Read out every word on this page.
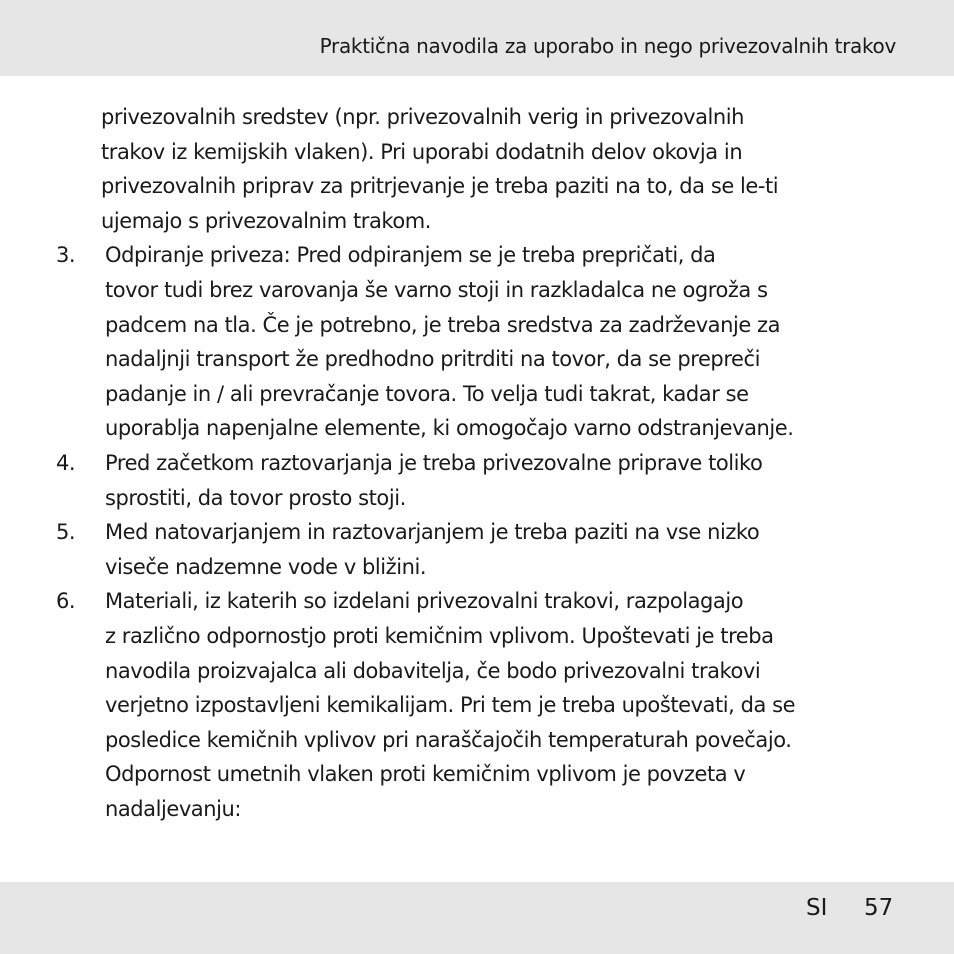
Praktična navodila za uporabo in nego privezovalnih trakov
privezovalnih sredstev (npr. privezovalnih verig in privezovalnih
trakov iz kemijskih vlaken). Pri uporabi dodatnih delov okovja in
privezovalnih priprav za pritrjevanje je treba paziti na to, da se le-ti
ujemajo s privezovalnim trakom.
3. Odpiranje priveza: Pred odpiranjem se je treba prepričati, da
tovor tudi brez varovanja še varno stoji in razkladalca ne ogroža s
padcem na tla. Če je potrebno, je treba sredstva za zadrževanje za
nadaljnji transport že predhodno pritrditi na tovor, da se prepreči
padanje in / ali prevračanje tovora. To velja tudi takrat, kadar se
uporablja napenjalne elemente, ki omogočajo varno odstranjevanje.
4. Pred začetkom raztovarjanja je treba privezovalne priprave toliko
sprostiti, da tovor prosto stoji.
5. Med natovarjanjem in raztovarjanjem je treba paziti na vse nizko
viseče nadzemne vode v bližini.
6. Materiali, iz katerih so izdelani privezovalni trakovi, razpolagajo
z različno odpornostjo proti kemičnim vplivom. Upoštevati je treba
navodila proizvajalca ali dobavitelja, če bodo privezovalni trakovi
verjetno izpostavljeni kemikalijam. Pri tem je treba upoštevati, da se
posledice kemičnih vplivov pri naraščajočih temperaturah povečajo.
Odpornost umetnih vlaken proti kemičnim vplivom je povzeta v
nadaljevanju:
SI 57
